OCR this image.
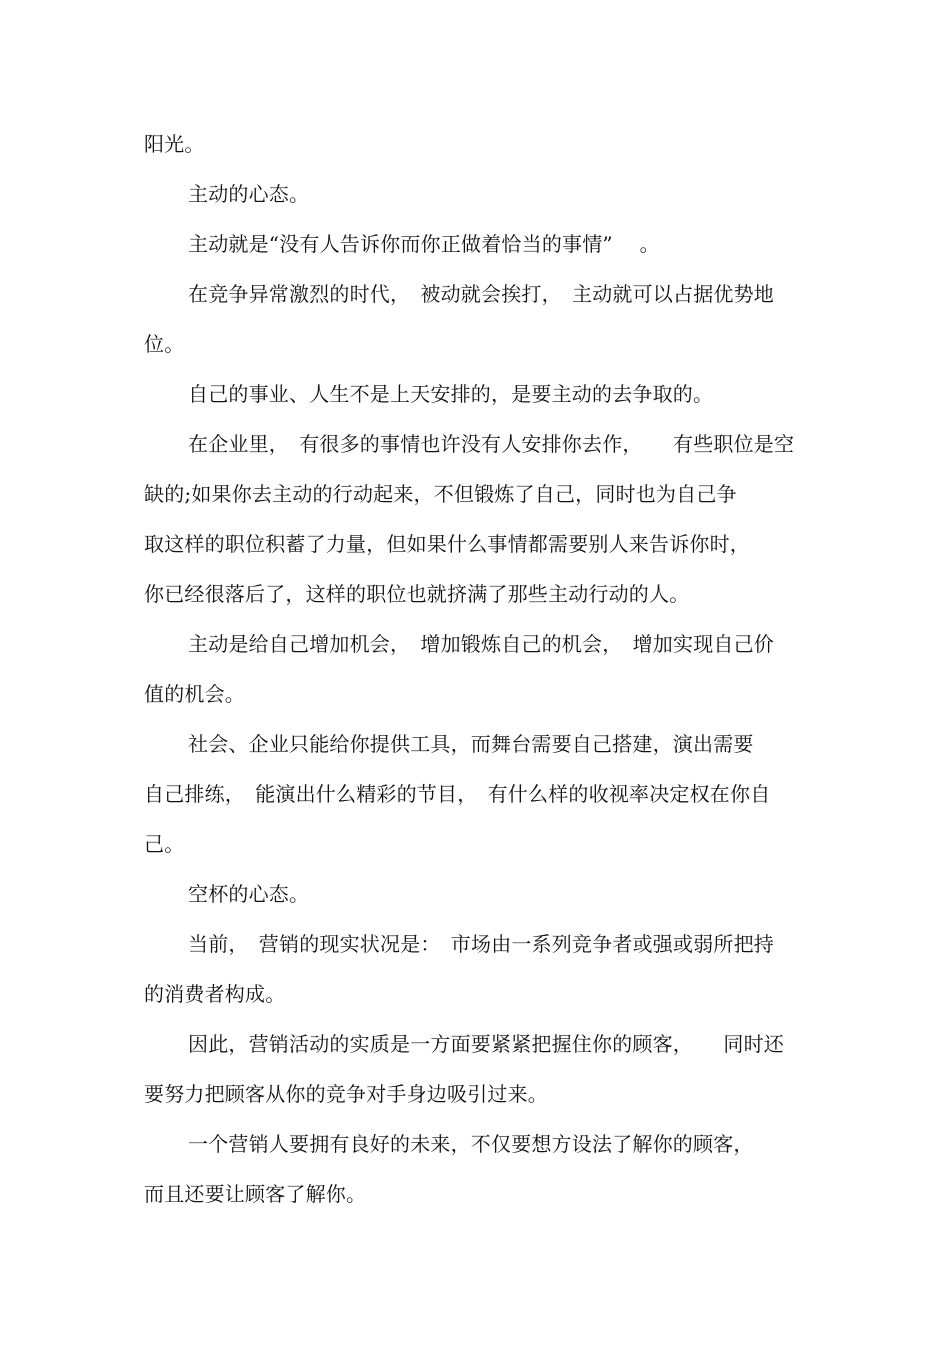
阳光。
主动的心态。
主动就是“没有人告诉你而你正做着恰当的事情”　 。
在竞争异常激烈的时代，　被动就会挨打，　主动就可以占据优势地
位。
自己的事业、人生不是上天安排的，是要主动的去争取的。
在企业里，　有很多的事情也许没有人安排你去作，　　有些职位是空
缺的;如果你去主动的行动起来，不但锻炼了自己，同时也为自己争
取这样的职位积蓄了力量，但如果什么事情都需要别人来告诉你时，
你已经很落后了，这样的职位也就挤满了那些主动行动的人。
主动是给自己增加机会，　增加锻炼自己的机会，　增加实现自己价
值的机会。
社会、企业只能给你提供工具，而舞台需要自己搭建，演出需要
自己排练，　能演出什么精彩的节目，　有什么样的收视率决定权在你自
己。
空杯的心态。
当前，　营销的现实状况是：　市场由一系列竞争者或强或弱所把持
的消费者构成。
因此，营销活动的实质是一方面要紧紧把握住你的顾客，　　同时还
要努力把顾客从你的竞争对手身边吸引过来。
一个营销人要拥有良好的未来，不仅要想方设法了解你的顾客，
而且还要让顾客了解你。
